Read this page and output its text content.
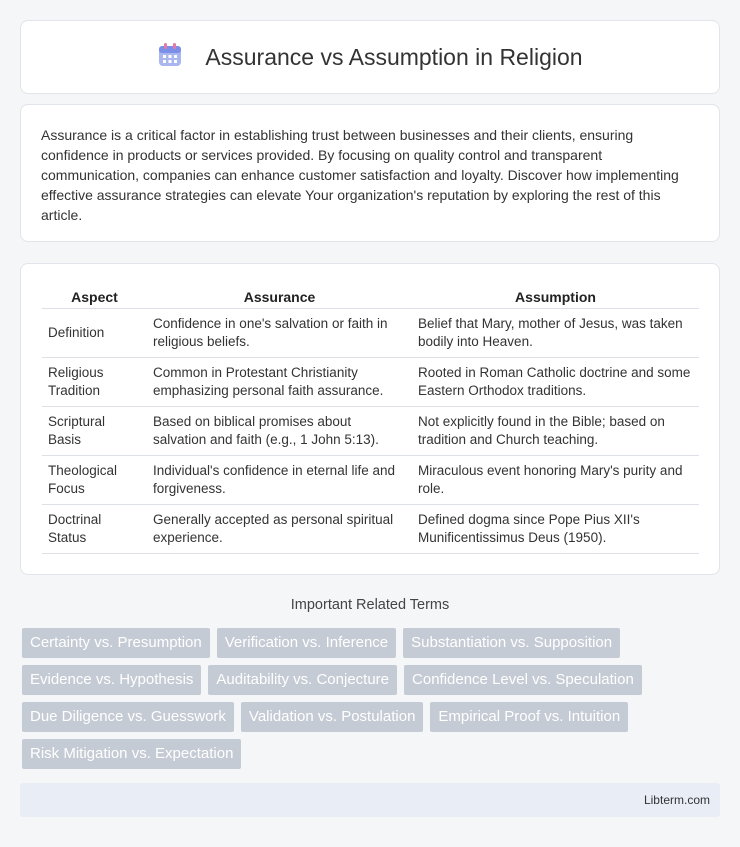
Assurance vs Assumption in Religion

Assurance is a critical factor in establishing trust between businesses and their clients, ensuring confidence in products or services provided. By focusing on quality control and transparent communication, companies can enhance customer satisfaction and loyalty. Discover how implementing effective assurance strategies can elevate Your organization's reputation by exploring the rest of this article.

Aspect	Assurance	Assumption
Definition	Confidence in one's salvation or faith in religious beliefs.	Belief that Mary, mother of Jesus, was taken bodily into Heaven.
Religious Tradition	Common in Protestant Christianity emphasizing personal faith assurance.	Rooted in Roman Catholic doctrine and some Eastern Orthodox traditions.
Scriptural Basis	Based on biblical promises about salvation and faith (e.g., 1 John 5:13).	Not explicitly found in the Bible; based on tradition and Church teaching.
Theological Focus	Individual's confidence in eternal life and forgiveness.	Miraculous event honoring Mary's purity and role.
Doctrinal Status	Generally accepted as personal spiritual experience.	Defined dogma since Pope Pius XII's Munificentissimus Deus (1950).
Important Related Terms
Certainty vs. Presumption	Verification vs. Inference	Substantiation vs. Supposition
Evidence vs. Hypothesis	Auditability vs. Conjecture	Confidence Level vs. Speculation
Due Diligence vs. Guesswork	Validation vs. Postulation	Empirical Proof vs. Intuition
Risk Mitigation vs. Expectation
Libterm.com
